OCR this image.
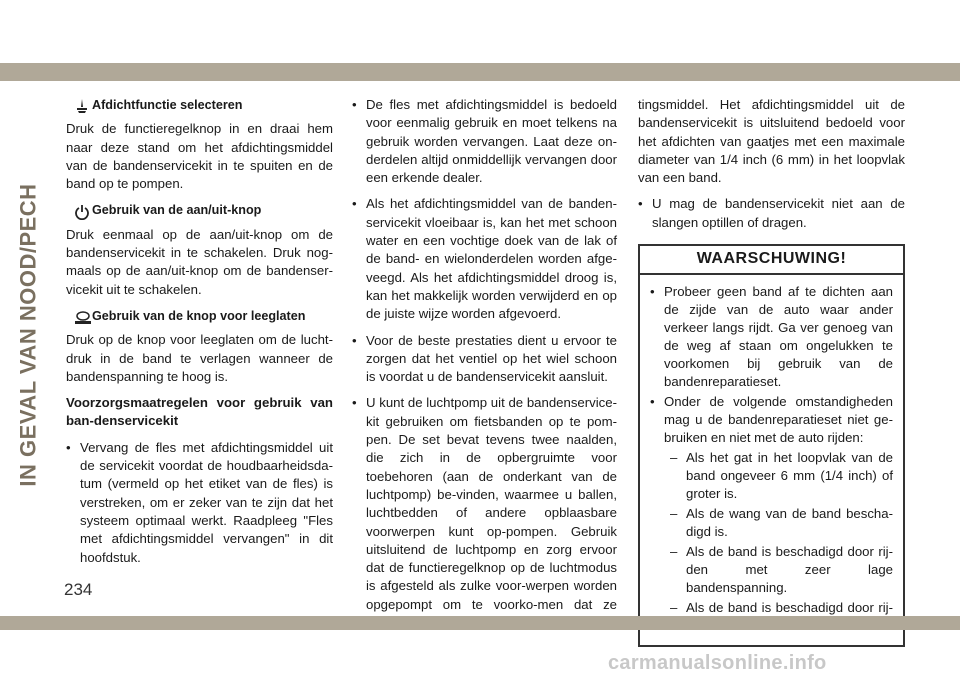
IN GEVAL VAN NOOD/PECH
Afdichtfunctie selecteren

Druk de functieregelknop in en draai hem naar deze stand om het afdichtingsmiddel van de bandenservicekit in te spuiten en de band op te pompen.

Gebruik van de aan/uit-knop

Druk eenmaal op de aan/uit-knop om de bandenservicekit in te schakelen. Druk nog-maals op de aan/uit-knop om de bandenser-vicekit uit te schakelen.

Gebruik van de knop voor leeglaten

Druk op de knop voor leeglaten om de lucht-druk in de band te verlagen wanneer de bandenspanning te hoog is.

Voorzorgsmaatregelen voor gebruik van ban-denservicekit

• Vervang de fles met afdichtingsmiddel uit de servicekit voordat de houdbaarheidsda-tum (vermeld op het etiket van de fles) is verstreken, om er zeker van te zijn dat het systeem optimaal werkt. Raadpleeg "Fles met afdichtingsmiddel vervangen" in dit hoofdstuk.

• De fles met afdichtingsmiddel is bedoeld voor eenmalig gebruik en moet telkens na gebruik worden vervangen. Laat deze on-derdelen altijd onmiddellijk vervangen door een erkende dealer.

• Als het afdichtingsmiddel van de banden-servicekit vloeibaar is, kan het met schoon water en een vochtige doek van de lak of de band- en wielonderdelen worden afge-veegd. Als het afdichtingsmiddel droog is, kan het makkelijk worden verwijderd en op de juiste wijze worden afgevoerd.

• Voor de beste prestaties dient u ervoor te zorgen dat het ventiel op het wiel schoon is voordat u de bandenservicekit aansluit.

• U kunt de luchtpomp uit de bandenservice-kit gebruiken om fietsbanden op te pom-pen. De set bevat tevens twee naalden, die zich in de opbergruimte voor toebehoren (aan de onderkant van de luchtpomp) be-vinden, waarmee u ballen, luchtbedden of andere opblaasbare voorwerpen kunt op-pompen. Gebruik uitsluitend de luchtpomp en zorg ervoor dat de functieregelknop op de luchtmodus is afgesteld als zulke voor-werpen worden opgepompt om te voorko-men dat ze

tingsmiddel. Het afdichtingsmiddel uit de bandenservicekit is uitsluitend bedoeld voor het afdichten van gaatjes met een maximale diameter van 1/4 inch (6 mm) in het loopvlak van een band.

• U mag de bandenservicekit niet aan de slangen optillen of dragen.

WAARSCHUWING!

• Probeer geen band af te dichten aan de zijde van de auto waar ander verkeer langs rijdt. Ga ver genoeg van de weg af staan om ongelukken te voorkomen bij gebruik van de bandenreparatieset.

• Onder de volgende omstandigheden mag u de bandenreparatieset niet ge-bruiken en niet met de auto rijden:

– Als het gat in het loopvlak van de band ongeveer 6 mm (1/4 inch) of groter is.

– Als de wang van de band bescha-digd is.

– Als de band is beschadigd door rij-den met zeer lage bandenspanning.

– Als de band is beschadigd door rij-

234
carmanualsonline.info
